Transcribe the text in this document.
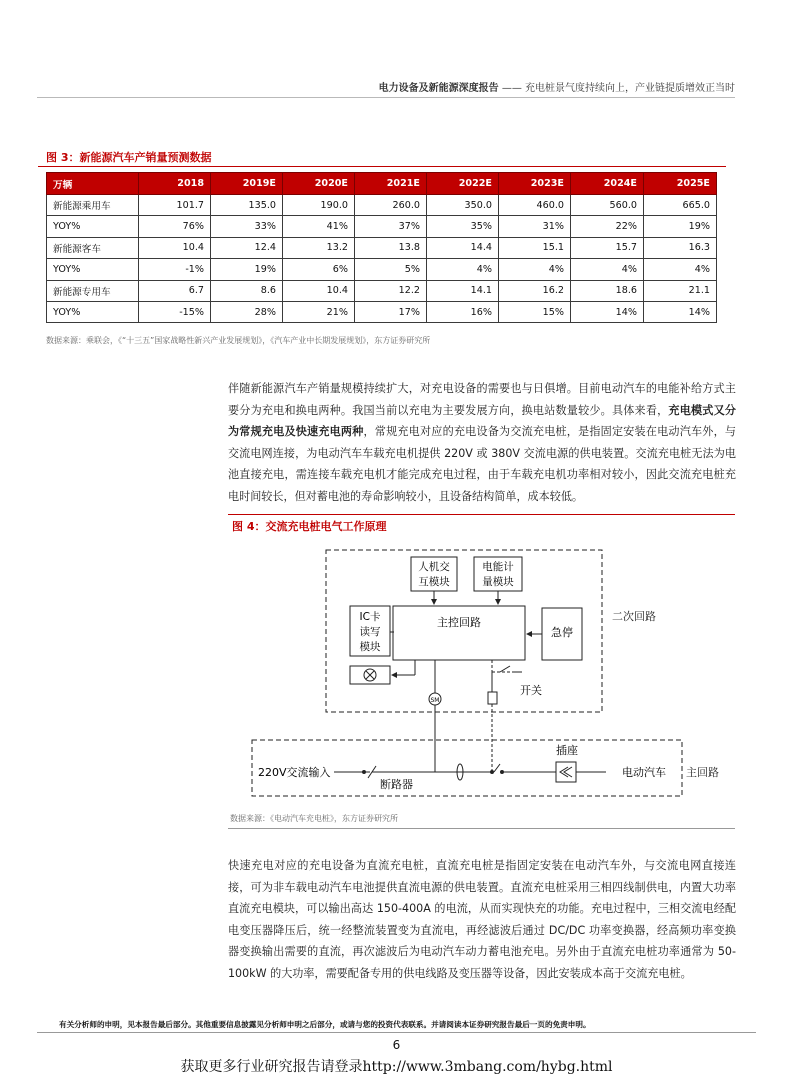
电力设备及新能源深度报告 —— 充电桩景气度持续向上，产业链提质增效正当时
图 3：新能源汽车产销量预测数据
万辆	2018	2019E	2020E	2021E	2022E	2023E	2024E	2025E
新能源乘用车	101.7	135.0	190.0	260.0	350.0	460.0	560.0	665.0
YOY%	76%	33%	41%	37%	35%	31%	22%	19%
新能源客车	10.4	12.4	13.2	13.8	14.4	15.1	15.7	16.3
YOY%	-1%	19%	6%	5%	4%	4%	4%	4%
新能源专用车	6.7	8.6	10.4	12.2	14.1	16.2	18.6	21.1
YOY%	-15%	28%	21%	17%	16%	15%	14%	14%
数据来源：乘联会，《“十三五”国家战略性新兴产业发展规划》，《汽车产业中长期发展规划》，东方证券研究所
伴随新能源汽车产销量规模持续扩大，对充电设备的需要也与日俱增。目前电动汽车的电能补给方式主要分为充电和换电两种。我国当前以充电为主要发展方向，换电站数量较少。具体来看，充电模式又分为常规充电及快速充电两种，常规充电对应的充电设备为交流充电桩，是指固定安装在电动汽车外，与交流电网连接，为电动汽车车载充电机提供 220V 或 380V 交流电源的供电装置。交流充电桩无法为电池直接充电，需连接车载充电机才能完成充电过程，由于车载充电机功率相对较小，因此交流充电桩充电时间较长，但对蓄电池的寿命影响较小，且设备结构简单，成本较低。
图 4：交流充电桩电气工作原理
二次回路
人机交
互模块
电能计
量模块
主控回路
IC卡
读写
模块
急停
SM
开关
主回路
220V交流输入
断路器
插座
电动汽车
数据来源：《电动汽车充电桩》，东方证券研究所
快速充电对应的充电设备为直流充电桩，直流充电桩是指固定安装在电动汽车外，与交流电网直接连接，可为非车载电动汽车电池提供直流电源的供电装置。直流充电桩采用三相四线制供电，内置大功率直流充电模块，可以输出高达 150-400A 的电流，从而实现快充的功能。充电过程中，三相交流电经配电变压器降压后，统一经整流装置变为直流电，再经滤波后通过 DC/DC 功率变换器，经高频功率变换器变换输出需要的直流，再次滤波后为电动汽车动力蓄电池充电。另外由于直流充电桩功率通常为 50-100kW 的大功率，需要配备专用的供电线路及变压器等设备，因此安装成本高于交流充电桩。
有关分析师的申明，见本报告最后部分。其他重要信息披露见分析师申明之后部分，或请与您的投资代表联系。并请阅读本证券研究报告最后一页的免责申明。
6
获取更多行业研究报告请登录http://www.3mbang.com/hybg.html
